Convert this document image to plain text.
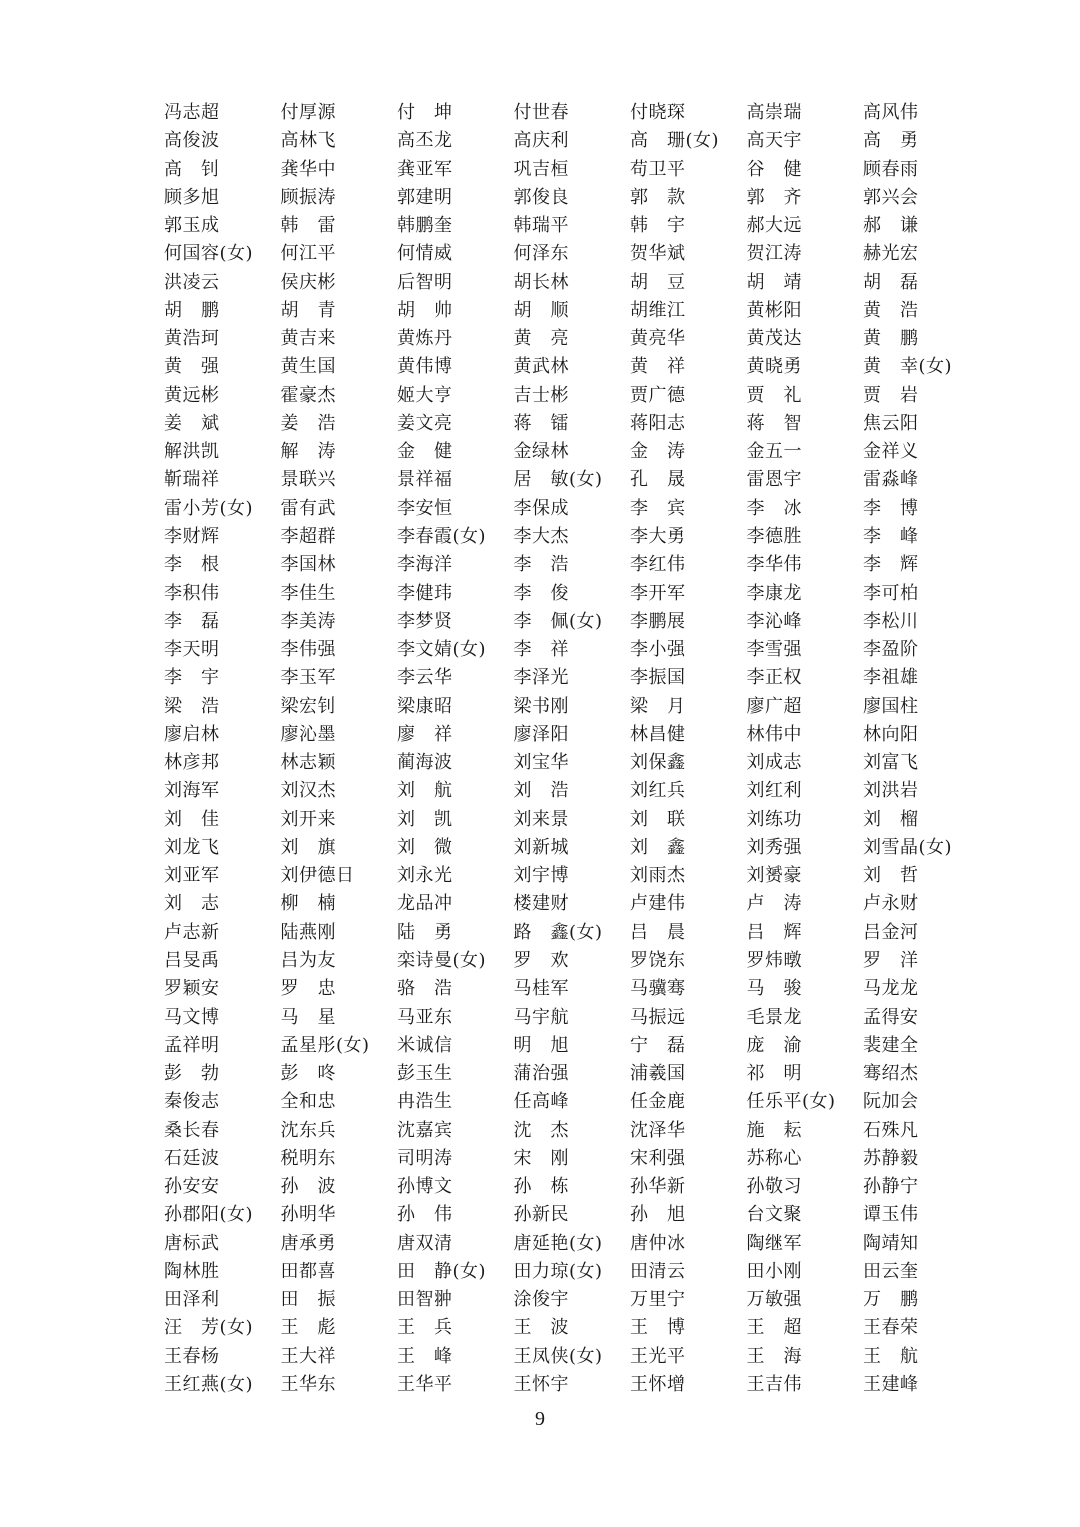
冯志超	付厚源	付　坤	付世春	付晓琛	高崇瑞	高风伟
高俊波	高林飞	高丕龙	高庆利	高　珊(女)	高天宇	高　勇
高　钊	龚华中	龚亚军	巩吉桓	苟卫平	谷　健	顾春雨
顾多旭	顾振涛	郭建明	郭俊良	郭　款	郭　齐	郭兴会
郭玉成	韩　雷	韩鹏奎	韩瑞平	韩　宇	郝大远	郝　谦
何国容(女)	何江平	何情威	何泽东	贺华斌	贺江涛	赫光宏
洪凌云	侯庆彬	后智明	胡长林	胡　豆	胡　靖	胡　磊
胡　鹏	胡　青	胡　帅	胡　顺	胡维江	黄彬阳	黄　浩
黄浩珂	黄吉来	黄炼丹	黄　亮	黄亮华	黄茂达	黄　鹏
黄　强	黄生国	黄伟博	黄武林	黄　祥	黄晓勇	黄　幸(女)
黄远彬	霍豪杰	姬大亨	吉士彬	贾广德	贾　礼	贾　岩
姜　斌	姜　浩	姜文亮	蒋　镭	蒋阳志	蒋　智	焦云阳
解洪凯	解　涛	金　健	金绿林	金　涛	金五一	金祥义
靳瑞祥	景联兴	景祥福	居　敏(女)	孔　晟	雷恩宇	雷淼峰
雷小芳(女)	雷有武	李安恒	李保成	李　宾	李　冰	李　博
李财辉	李超群	李春霞(女)	李大杰	李大勇	李德胜	李　峰
李　根	李国林	李海洋	李　浩	李红伟	李华伟	李　辉
李积伟	李佳生	李健玮	李　俊	李开军	李康龙	李可柏
李　磊	李美涛	李梦贤	李　佩(女)	李鹏展	李沁峰	李松川
李天明	李伟强	李文婧(女)	李　祥	李小强	李雪强	李盈阶
李　宇	李玉军	李云华	李泽光	李振国	李正权	李祖雄
梁　浩	梁宏钊	梁康昭	梁书刚	梁　月	廖广超	廖国柱
廖启林	廖沁墨	廖　祥	廖泽阳	林昌健	林伟中	林向阳
林彦邦	林志颖	蔺海波	刘宝华	刘保鑫	刘成志	刘富飞
刘海军	刘汉杰	刘　航	刘　浩	刘红兵	刘红利	刘洪岩
刘　佳	刘开来	刘　凯	刘来景	刘　联	刘练功	刘　榴
刘龙飞	刘　旗	刘　微	刘新城	刘　鑫	刘秀强	刘雪晶(女)
刘亚军	刘伊德日	刘永光	刘宇博	刘雨杰	刘赟豪	刘　哲
刘　志	柳　楠	龙品冲	楼建财	卢建伟	卢　涛	卢永财
卢志新	陆燕刚	陆　勇	路　鑫(女)	吕　晨	吕　辉	吕金河
吕旻禹	吕为友	栾诗曼(女)	罗　欢	罗饶东	罗炜暾	罗　洋
罗颖安	罗　忠	骆　浩	马桂军	马骥骞	马　骏	马龙龙
马文博	马　星	马亚东	马宇航	马振远	毛景龙	孟得安
孟祥明	孟星彤(女)	米诚信	明　旭	宁　磊	庞　渝	裴建全
彭　勃	彭　咚	彭玉生	蒲治强	浦羲国	祁　明	骞绍杰
秦俊志	全和忠	冉浩生	任高峰	任金鹿	任乐平(女)	阮加会
桑长春	沈东兵	沈嘉宾	沈　杰	沈泽华	施　耘	石殊凡
石廷波	税明东	司明涛	宋　刚	宋利强	苏称心	苏静毅
孙安安	孙　波	孙博文	孙　栋	孙华新	孙敬习	孙静宁
孙郡阳(女)	孙明华	孙　伟	孙新民	孙　旭	台文聚	谭玉伟
唐标武	唐承勇	唐双清	唐延艳(女)	唐仲冰	陶继军	陶靖知
陶林胜	田都喜	田　静(女)	田力琼(女)	田清云	田小刚	田云奎
田泽利	田　振	田智翀	涂俊宇	万里宁	万敏强	万　鹏
汪　芳(女)	王　彪	王　兵	王　波	王　博	王　超	王春荣
王春杨	王大祥	王　峰	王凤侠(女)	王光平	王　海	王　航
王红燕(女)	王华东	王华平	王怀宇	王怀增	王吉伟	王建峰
9
